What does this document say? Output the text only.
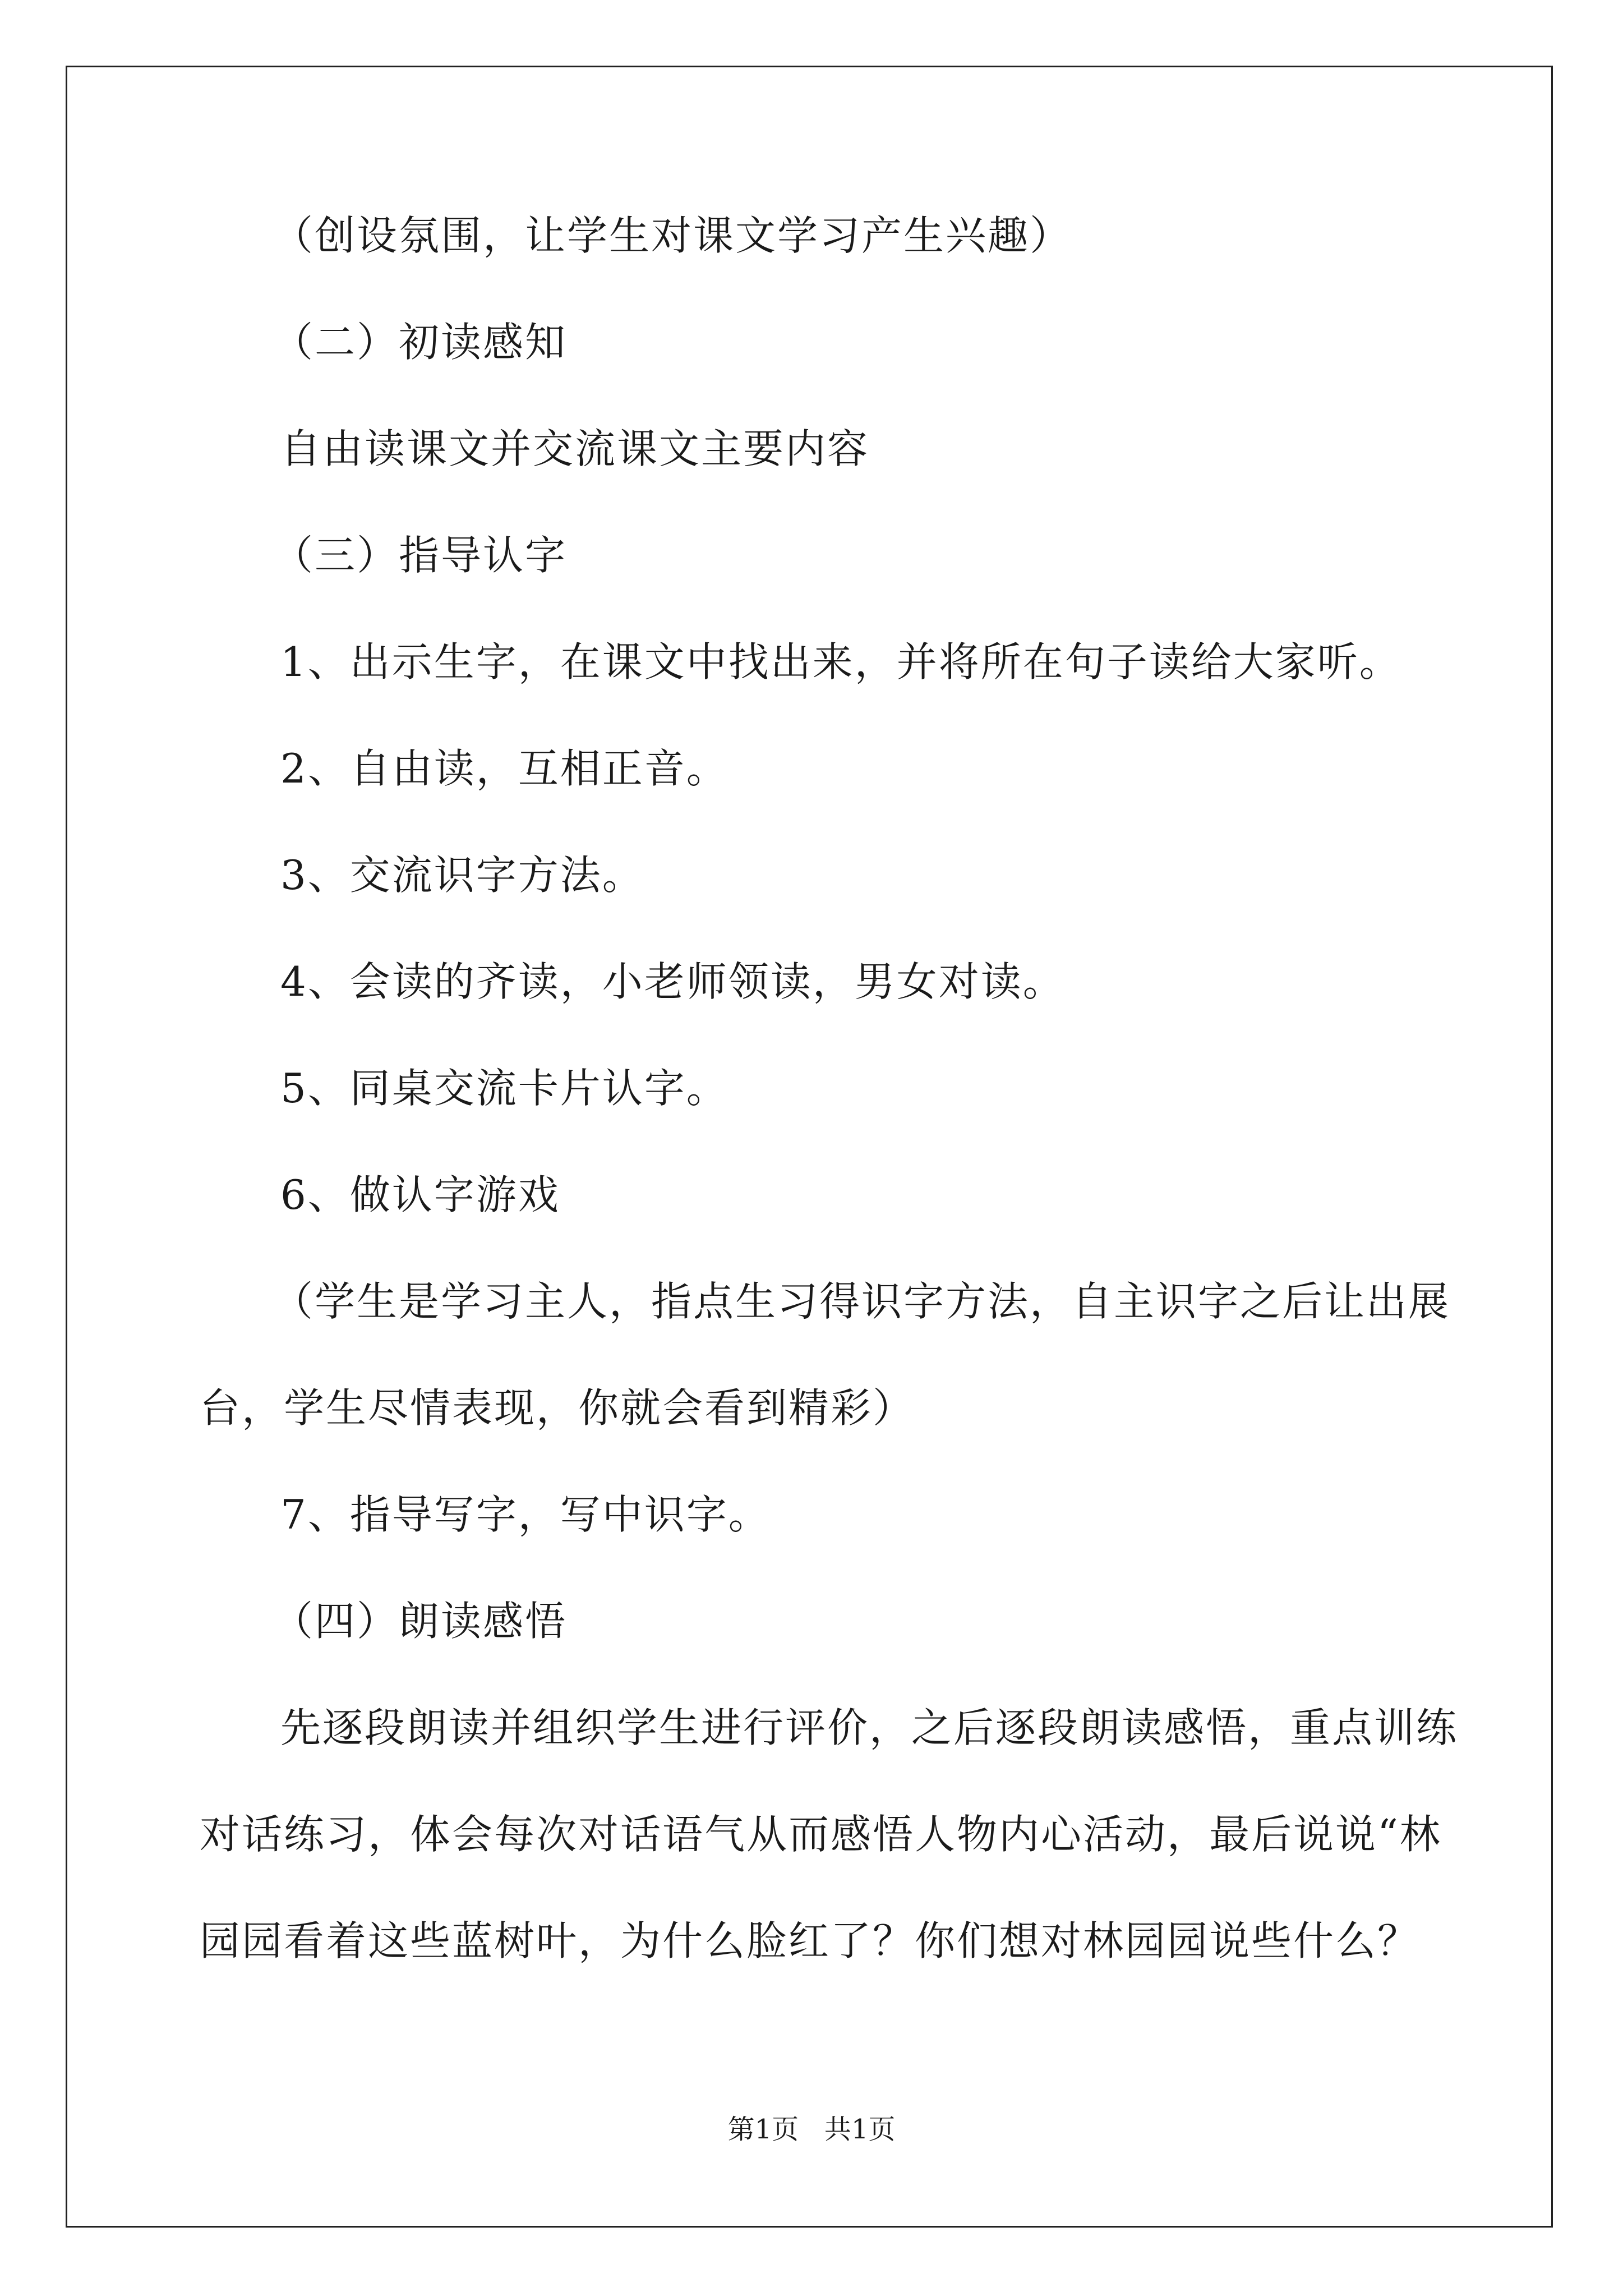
（创设氛围，让学生对课文学习产生兴趣）
（二）初读感知
自由读课文并交流课文主要内容
（三）指导认字
1、出示生字，在课文中找出来，并将所在句子读给大家听。
2、自由读，互相正音。
3、交流识字方法。
4、会读的齐读，小老师领读，男女对读。
5、同桌交流卡片认字。
6、做认字游戏
（学生是学习主人，指点生习得识字方法，自主识字之后让出展
台，学生尽情表现，你就会看到精彩）
7、指导写字，写中识字。
（四）朗读感悟
先逐段朗读并组织学生进行评价，之后逐段朗读感悟，重点训练
对话练习，体会每次对话语气从而感悟人物内心活动，最后说说“林
园园看着这些蓝树叶，为什么脸红了？你们想对林园园说些什么？
第1页   共1页
